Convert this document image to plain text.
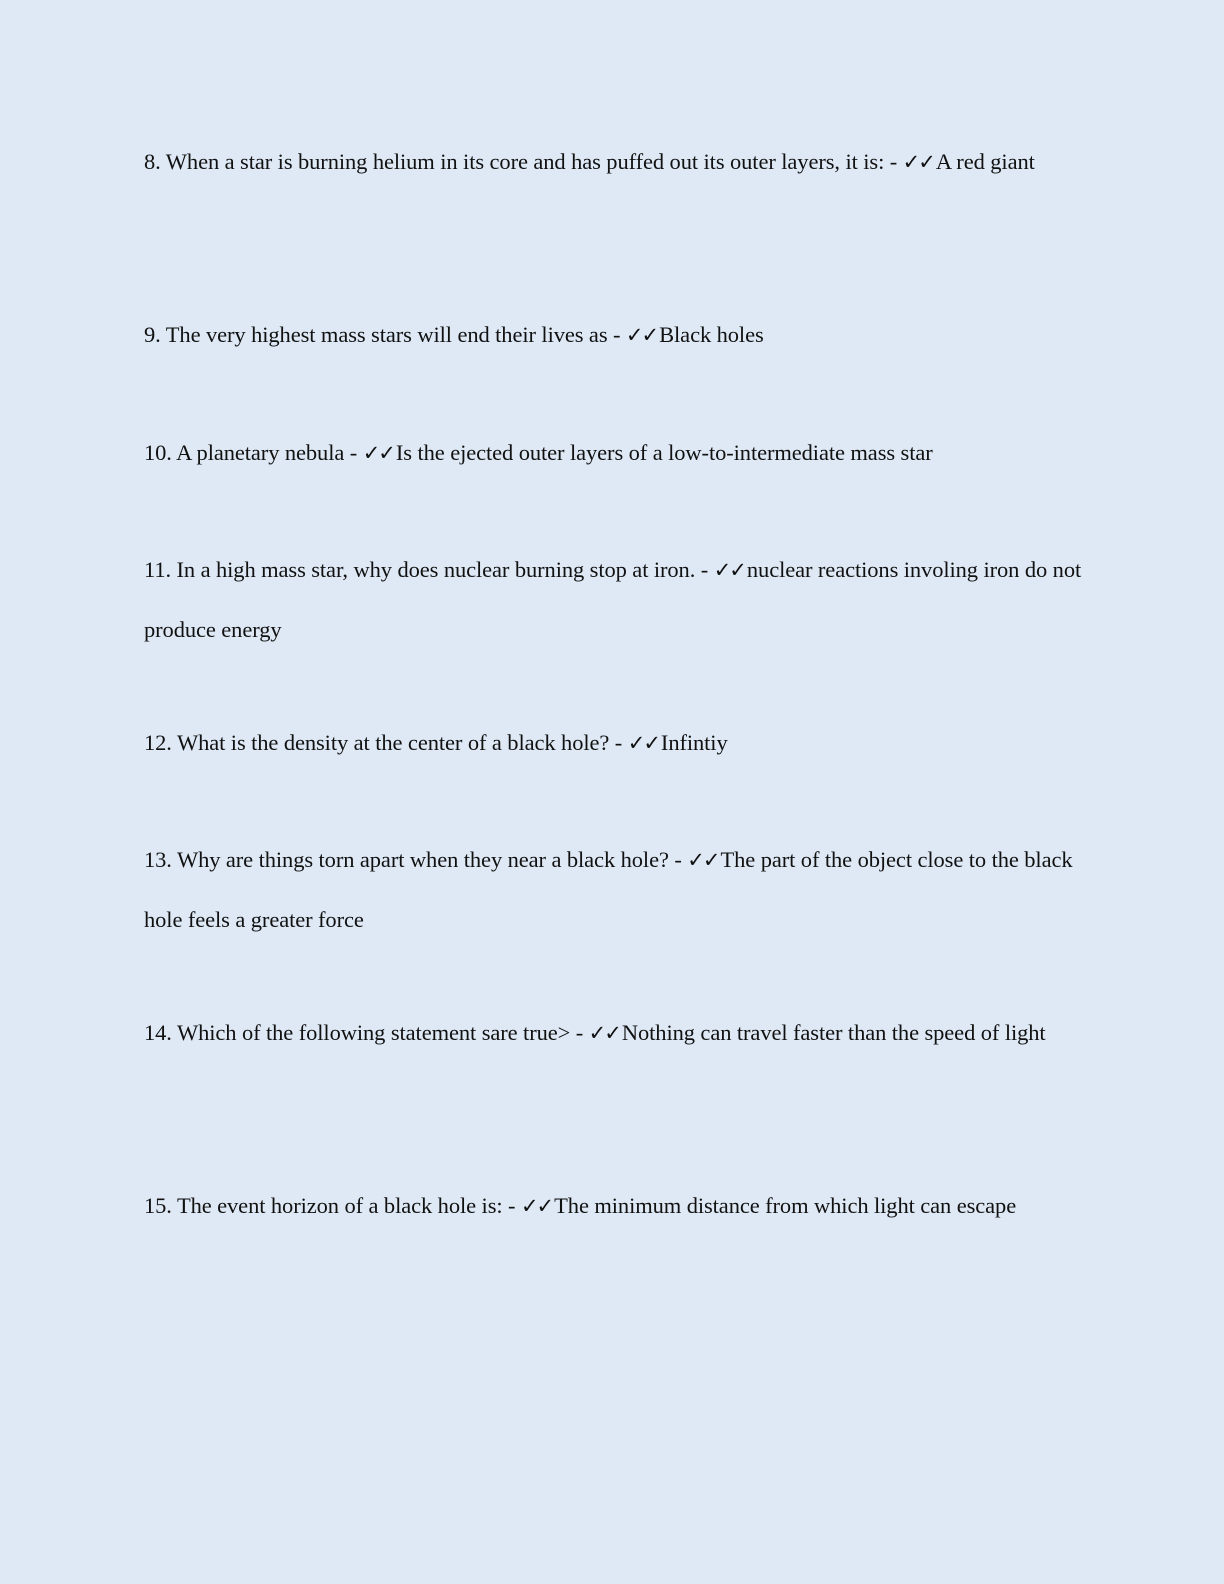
8. When a star is burning helium in its core and has puffed out its outer layers, it is: - ✓✓A red giant

9. The very highest mass stars will end their lives as - ✓✓Black holes

10. A planetary nebula - ✓✓Is the ejected outer layers of a low-to-intermediate mass star

11. In a high mass star, why does nuclear burning stop at iron. - ✓✓nuclear reactions involing iron do not produce energy

12. What is the density at the center of a black hole? - ✓✓Infintiy

13. Why are things torn apart when they near a black hole? - ✓✓The part of the object close to the black hole feels a greater force

14. Which of the following statement sare true> - ✓✓Nothing can travel faster than the speed of light

15. The event horizon of a black hole is: - ✓✓The minimum distance from which light can escape
